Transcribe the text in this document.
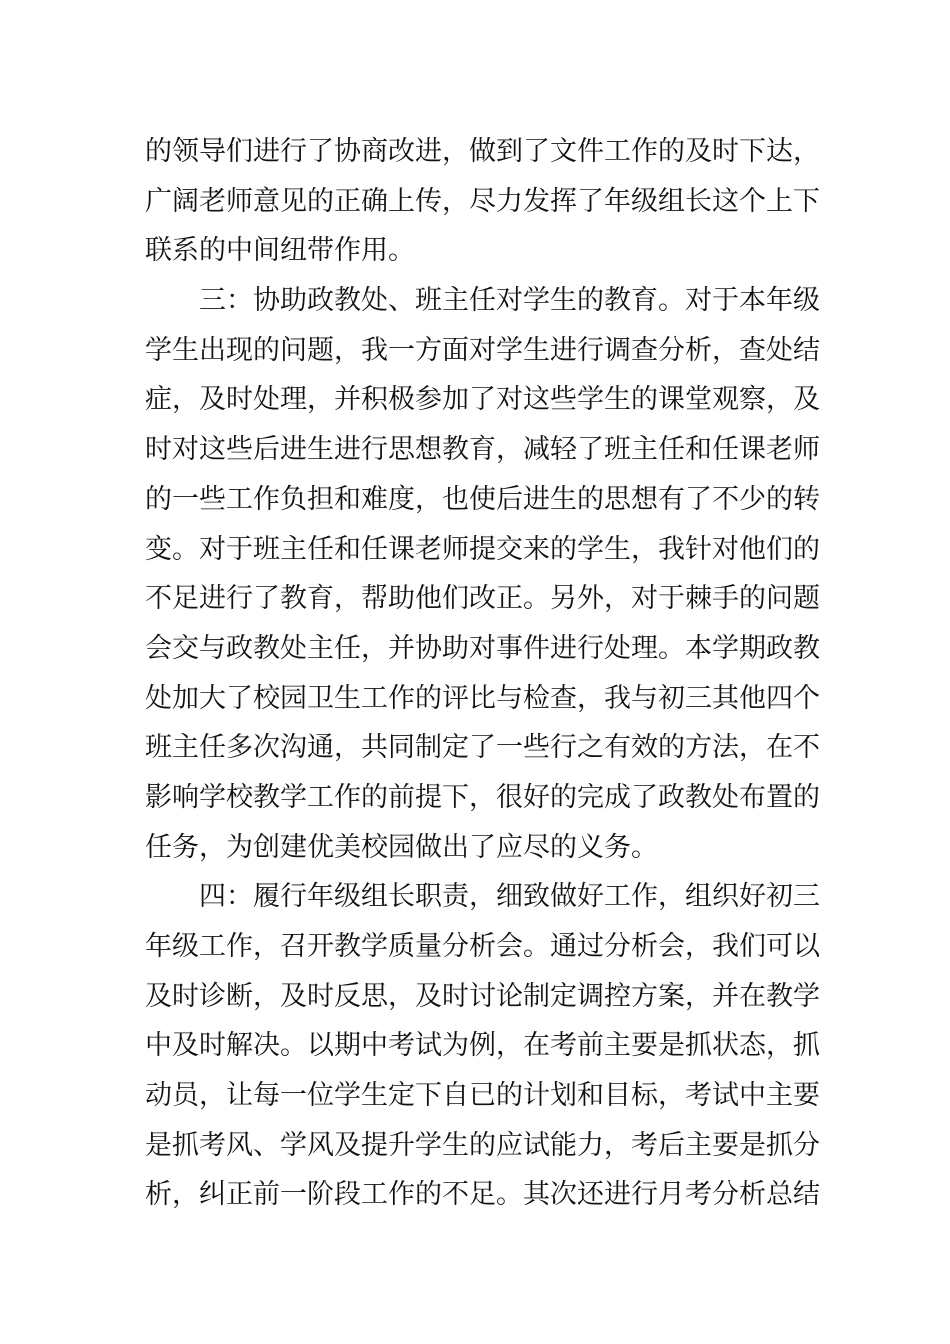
的领导们进行了协商改进，做到了文件工作的及时下达，
广阔老师意见的正确上传，尽力发挥了年级组长这个上下
联系的中间纽带作用。
三：协助政教处、班主任对学生的教育。对于本年级
学生出现的问题，我一方面对学生进行调查分析，查处结
症，及时处理，并积极参加了对这些学生的课堂观察，及
时对这些后进生进行思想教育，减轻了班主任和任课老师
的一些工作负担和难度，也使后进生的思想有了不少的转
变。对于班主任和任课老师提交来的学生，我针对他们的
不足进行了教育，帮助他们改正。另外，对于棘手的问题
会交与政教处主任，并协助对事件进行处理。本学期政教
处加大了校园卫生工作的评比与检查，我与初三其他四个
班主任多次沟通，共同制定了一些行之有效的方法，在不
影响学校教学工作的前提下，很好的完成了政教处布置的
任务，为创建优美校园做出了应尽的义务。
四：履行年级组长职责，细致做好工作，组织好初三
年级工作，召开教学质量分析会。通过分析会，我们可以
及时诊断，及时反思，及时讨论制定调控方案，并在教学
中及时解决。以期中考试为例，在考前主要是抓状态，抓
动员，让每一位学生定下自已的计划和目标，考试中主要
是抓考风、学风及提升学生的应试能力，考后主要是抓分
析，纠正前一阶段工作的不足。其次还进行月考分析总结
